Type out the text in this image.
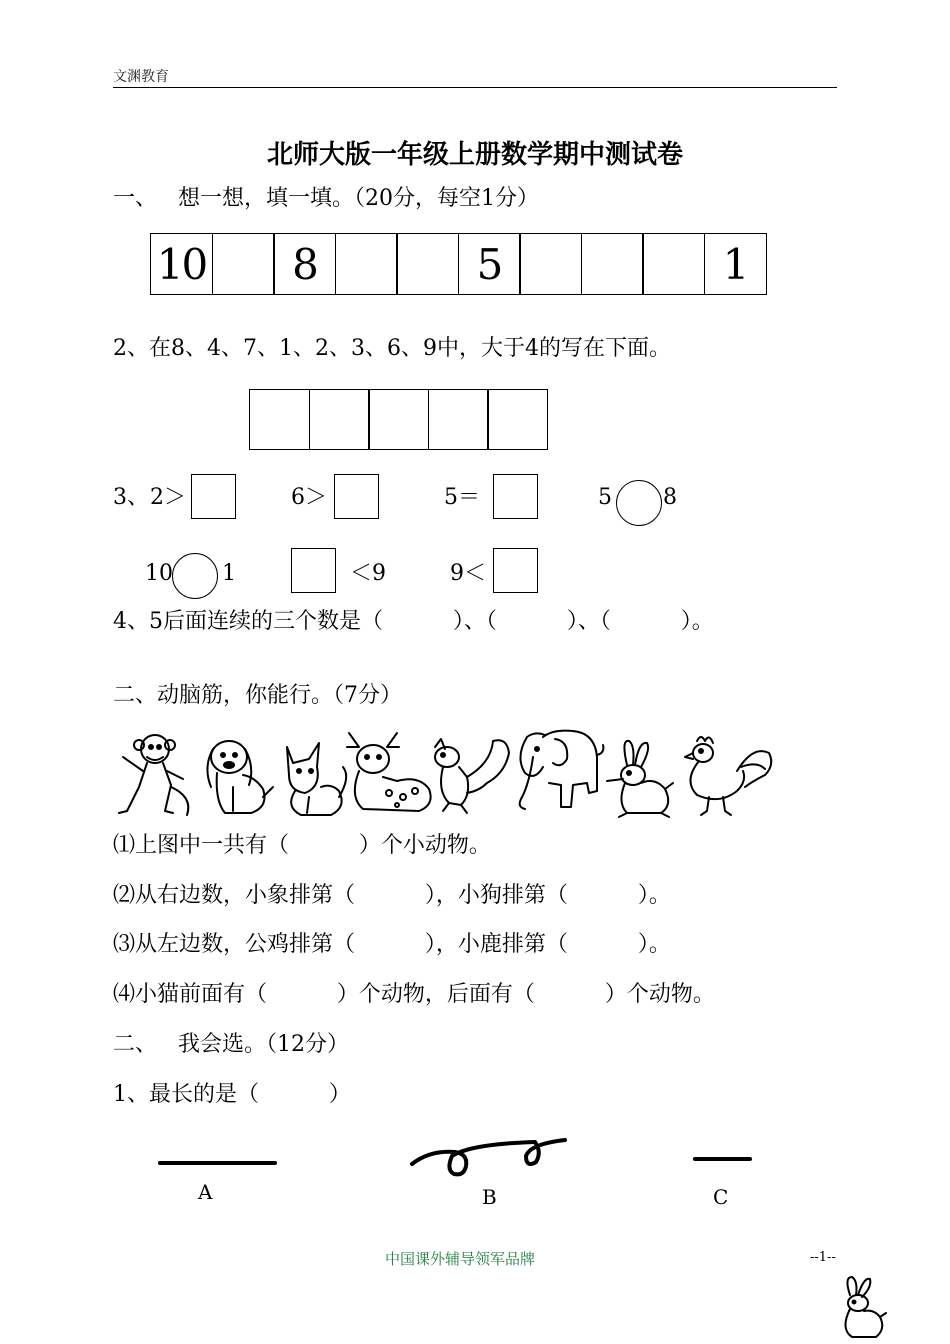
文渊教育
北师大版一年级上册数学期中测试卷
一、   想一想，填一填。（20分，每空1分）
10 8	5	1
2、在8、4、7、1、2、3、6、9中，大于4的写在下面。
3、 2＞	6＞	5＝	5 8
10 1	＜9	9＜
4、5后面连续的三个数是（          ）、（          ）、（          ）。
二、动脑筋，你能行。（7分）
⑴上图中一共有（          ）个小动物。
⑵从右边数，小象排第（          ），小狗排第（          ）。
⑶从左边数，公鸡排第（          ），小鹿排第（          ）。
⑷小猫前面有（          ）个动物，后面有（          ）个动物。
二、   我会选。（12分）
1、最长的是（          ）
A	B	C
中国课外辅导领军品牌	--1--
